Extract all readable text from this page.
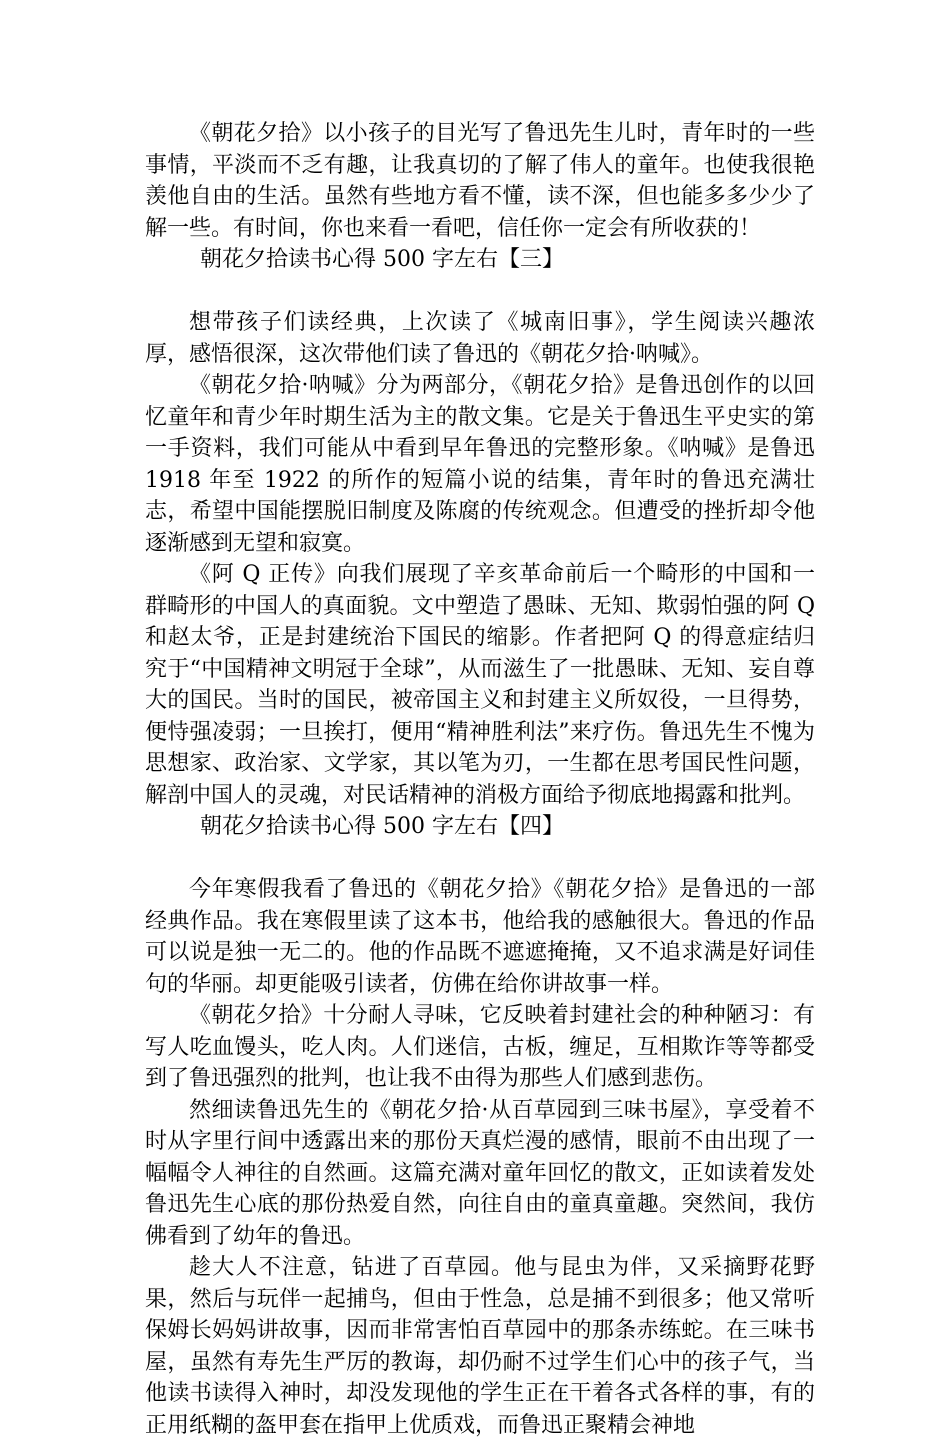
《朝花夕拾》以小孩子的目光写了鲁迅先生儿时，青年时的一些事情，平淡而不乏有趣，让我真切的了解了伟人的童年。也使我很艳羡他自由的生活。虽然有些地方看不懂，读不深，但也能多多少少了解一些。有时间，你也来看一看吧，信任你一定会有所收获的！

朝花夕拾读书心得 500 字左右【三】

想带孩子们读经典，上次读了《城南旧事》，学生阅读兴趣浓厚，感悟很深，这次带他们读了鲁迅的《朝花夕拾·呐喊》。

《朝花夕拾·呐喊》分为两部分，《朝花夕拾》是鲁迅创作的以回忆童年和青少年时期生活为主的散文集。它是关于鲁迅生平史实的第一手资料，我们可能从中看到早年鲁迅的完整形象。《呐喊》是鲁迅 1918 年至 1922 的所作的短篇小说的结集，青年时的鲁迅充满壮志，希望中国能摆脱旧制度及陈腐的传统观念。但遭受的挫折却令他逐渐感到无望和寂寞。

《阿 Q 正传》向我们展现了辛亥革命前后一个畸形的中国和一群畸形的中国人的真面貌。文中塑造了愚昧、无知、欺弱怕强的阿 Q 和赵太爷，正是封建统治下国民的缩影。作者把阿 Q 的得意症结归究于“中国精神文明冠于全球”，从而滋生了一批愚昧、无知、妄自尊大的国民。当时的国民，被帝国主义和封建主义所奴役，一旦得势，便恃强凌弱；一旦挨打，便用“精神胜利法”来疗伤。鲁迅先生不愧为思想家、政治家、文学家，其以笔为刃，一生都在思考国民性问题，解剖中国人的灵魂，对民话精神的消极方面给予彻底地揭露和批判。

朝花夕拾读书心得 500 字左右【四】

今年寒假我看了鲁迅的《朝花夕拾》《朝花夕拾》是鲁迅的一部经典作品。我在寒假里读了这本书，他给我的感触很大。鲁迅的作品可以说是独一无二的。他的作品既不遮遮掩掩，又不追求满是好词佳句的华丽。却更能吸引读者，仿佛在给你讲故事一样。

《朝花夕拾》十分耐人寻味，它反映着封建社会的种种陋习：有写人吃血馒头，吃人肉。人们迷信，古板，缠足，互相欺诈等等都受到了鲁迅强烈的批判，也让我不由得为那些人们感到悲伤。

然细读鲁迅先生的《朝花夕拾·从百草园到三味书屋》，享受着不时从字里行间中透露出来的那份天真烂漫的感情，眼前不由出现了一幅幅令人神往的自然画。这篇充满对童年回忆的散文，正如读着发处鲁迅先生心底的那份热爱自然，向往自由的童真童趣。突然间，我仿佛看到了幼年的鲁迅。

趁大人不注意，钻进了百草园。他与昆虫为伴，又采摘野花野果，然后与玩伴一起捕鸟，但由于性急，总是捕不到很多；他又常听保姆长妈妈讲故事，因而非常害怕百草园中的那条赤练蛇。在三味书屋，虽然有寿先生严厉的教诲，却仍耐不过学生们心中的孩子气，当他读书读得入神时，却没发现他的学生正在干着各式各样的事，有的正用纸糊的盔甲套在指甲上优质戏，而鲁迅正聚精会神地
